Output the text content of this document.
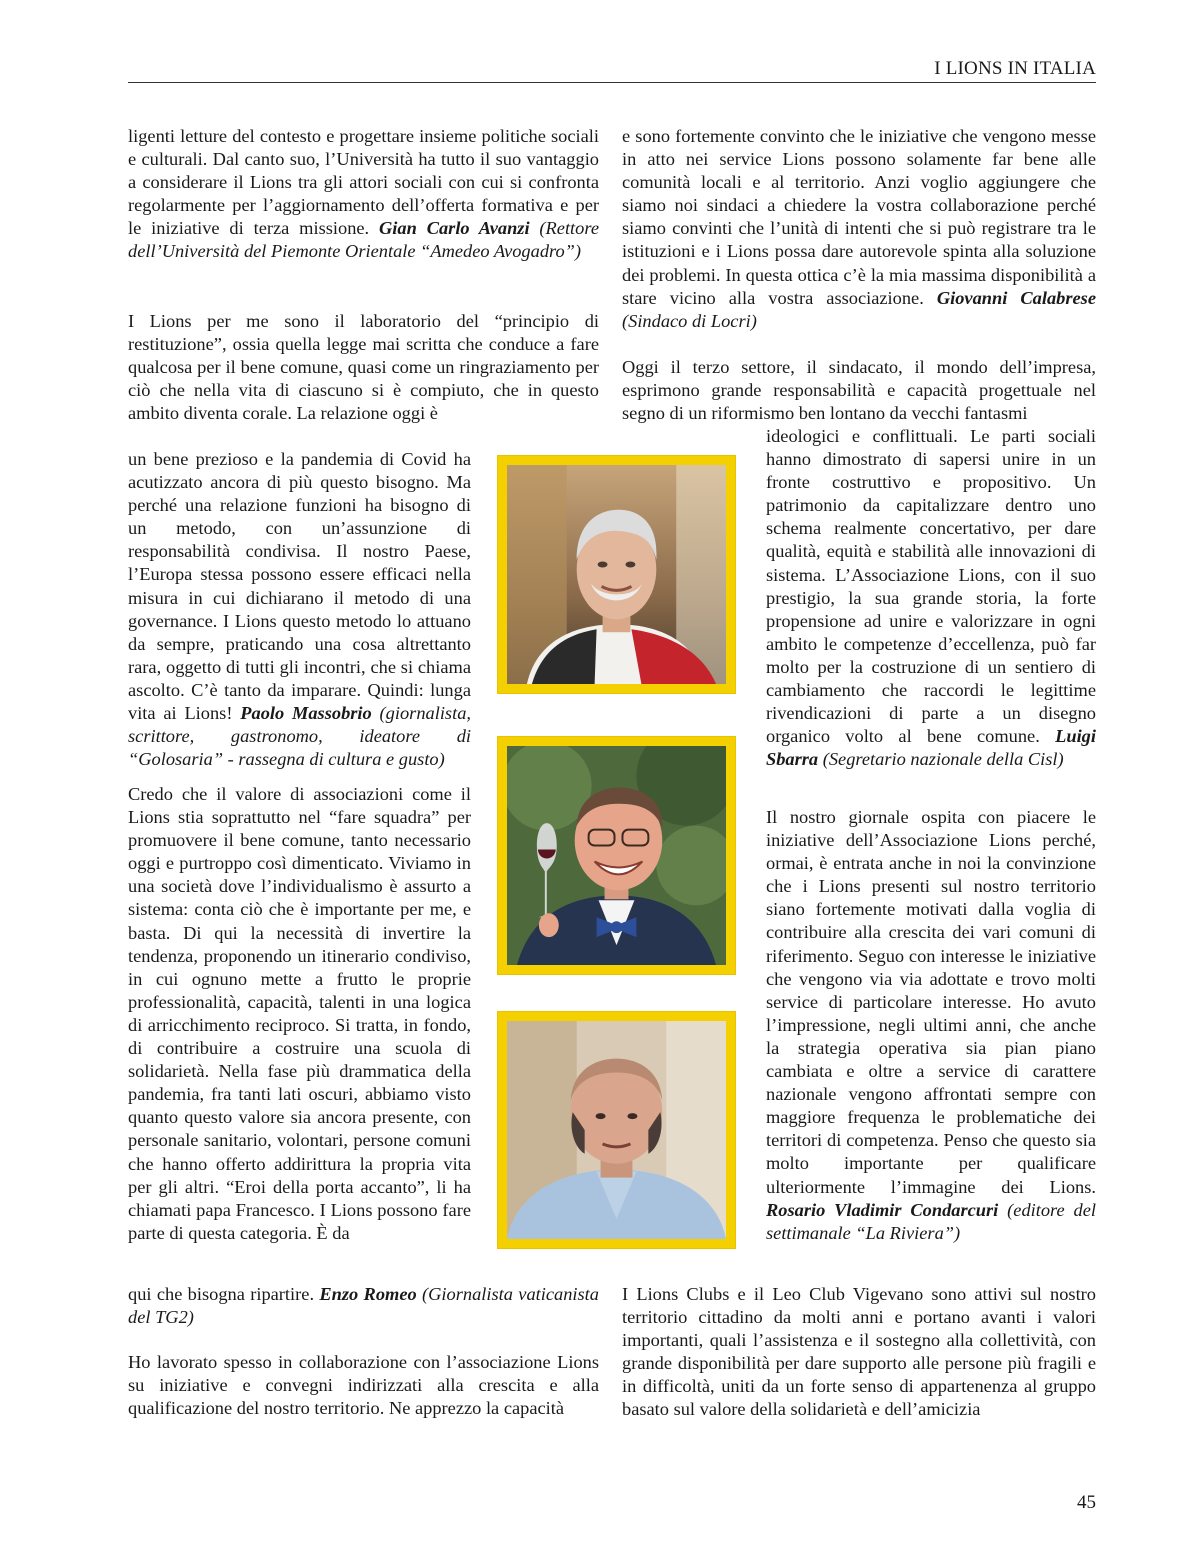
I LIONS IN ITALIA

ligenti letture del contesto e progettare insieme politiche sociali e culturali. Dal canto suo, l’Università ha tutto il suo vantaggio a considerare il Lions tra gli attori sociali con cui si confronta regolarmente per l’aggiornamento dell’offerta formativa e per le iniziative di terza missione. Gian Carlo Avanzi (Rettore dell’Università del Piemonte Orientale “Amedeo Avogadro”)

I Lions per me sono il laboratorio del “principio di restituzione”, ossia quella legge mai scritta che conduce a fare qualcosa per il bene comune, quasi come un ringraziamento per ciò che nella vita di ciascuno si è compiuto, che in questo ambito diventa corale. La relazione oggi è

un bene prezioso e la pandemia di Covid ha acutizzato ancora di più questo bisogno. Ma perché una relazione funzioni ha bisogno di un metodo, con un’assunzione di responsabilità condivisa. Il nostro Paese, l’Europa stessa possono essere efficaci nella misura in cui dichiarano il metodo di una governance. I Lions questo metodo lo attuano da sempre, praticando una cosa altrettanto rara, oggetto di tutti gli incontri, che si chiama ascolto. C’è tanto da imparare. Quindi: lunga vita ai Lions! Paolo Massobrio (giornalista, scrittore, gastronomo, ideatore di “Golosaria” - rassegna di cultura e gusto)

Credo che il valore di associazioni come il Lions stia soprattutto nel “fare squadra” per promuovere il bene comune, tanto necessario oggi e purtroppo così dimenticato. Viviamo in una società dove l’individualismo è assurto a sistema: conta ciò che è importante per me, e basta. Di qui la necessità di invertire la tendenza, proponendo un itinerario condiviso, in cui ognuno mette a frutto le proprie professionalità, capacità, talenti in una logica di arricchimento reciproco. Si tratta, in fondo, di contribuire a costruire una scuola di solidarietà. Nella fase più drammatica della pandemia, fra tanti lati oscuri, abbiamo visto quanto questo valore sia ancora presente, con personale sanitario, volontari, persone comuni che hanno offerto addirittura la propria vita per gli altri. “Eroi della porta accanto”, li ha chiamati papa Francesco. I Lions possono fare parte di questa categoria. È da

qui che bisogna ripartire. Enzo Romeo (Giornalista vaticanista del TG2)

Ho lavorato spesso in collaborazione con l’associazione Lions su iniziative e convegni indirizzati alla crescita e alla qualificazione del nostro territorio. Ne apprezzo la capacità

e sono fortemente convinto che le iniziative che vengono messe in atto nei service Lions possono solamente far bene alle comunità locali e al territorio. Anzi voglio aggiungere che siamo noi sindaci a chiedere la vostra collaborazione perché siamo convinti che l’unità di intenti che si può registrare tra le istituzioni e i Lions possa dare autorevole spinta alla soluzione dei problemi. In questa ottica c’è la mia massima disponibilità a stare vicino alla vostra associazione. Giovanni Calabrese (Sindaco di Locri)

Oggi il terzo settore, il sindacato, il mondo dell’impresa, esprimono grande responsabilità e capacità progettuale nel segno di un riformismo ben lontano da vecchi fantasmi

ideologici e conflittuali. Le parti sociali hanno dimostrato di sapersi unire in un fronte costruttivo e propositivo. Un patrimonio da capitalizzare dentro uno schema realmente concertativo, per dare qualità, equità e stabilità alle innovazioni di sistema. L’Associazione Lions, con il suo prestigio, la sua grande storia, la forte propensione ad unire e valorizzare in ogni ambito le competenze d’eccellenza, può far molto per la costruzione di un sentiero di cambiamento che raccordi le legittime rivendicazioni di parte a un disegno organico volto al bene comune. Luigi Sbarra (Segretario nazionale della Cisl)

Il nostro giornale ospita con piacere le iniziative dell’Associazione Lions perché, ormai, è entrata anche in noi la convinzione che i Lions presenti sul nostro territorio siano fortemente motivati dalla voglia di contribuire alla crescita dei vari comuni di riferimento. Seguo con interesse le iniziative che vengono via via adottate e trovo molti service di particolare interesse. Ho avuto l’impressione, negli ultimi anni, che anche la strategia operativa sia pian piano cambiata e oltre a service di carattere nazionale vengono affrontati sempre con maggiore frequenza le problematiche dei territori di competenza. Penso che questo sia molto importante per qualificare ulteriormente l’immagine dei Lions. Rosario Vladimir Condarcuri (editore del settimanale “La Riviera”)

I Lions Clubs e il Leo Club Vigevano sono attivi sul nostro territorio cittadino da molti anni e portano avanti i valori importanti, quali l’assistenza e il sostegno alla collettività, con grande disponibilità per dare supporto alle persone più fragili e in difficoltà, uniti da un forte senso di appartenenza al gruppo basato sul valore della solidarietà e dell’amicizia

45
